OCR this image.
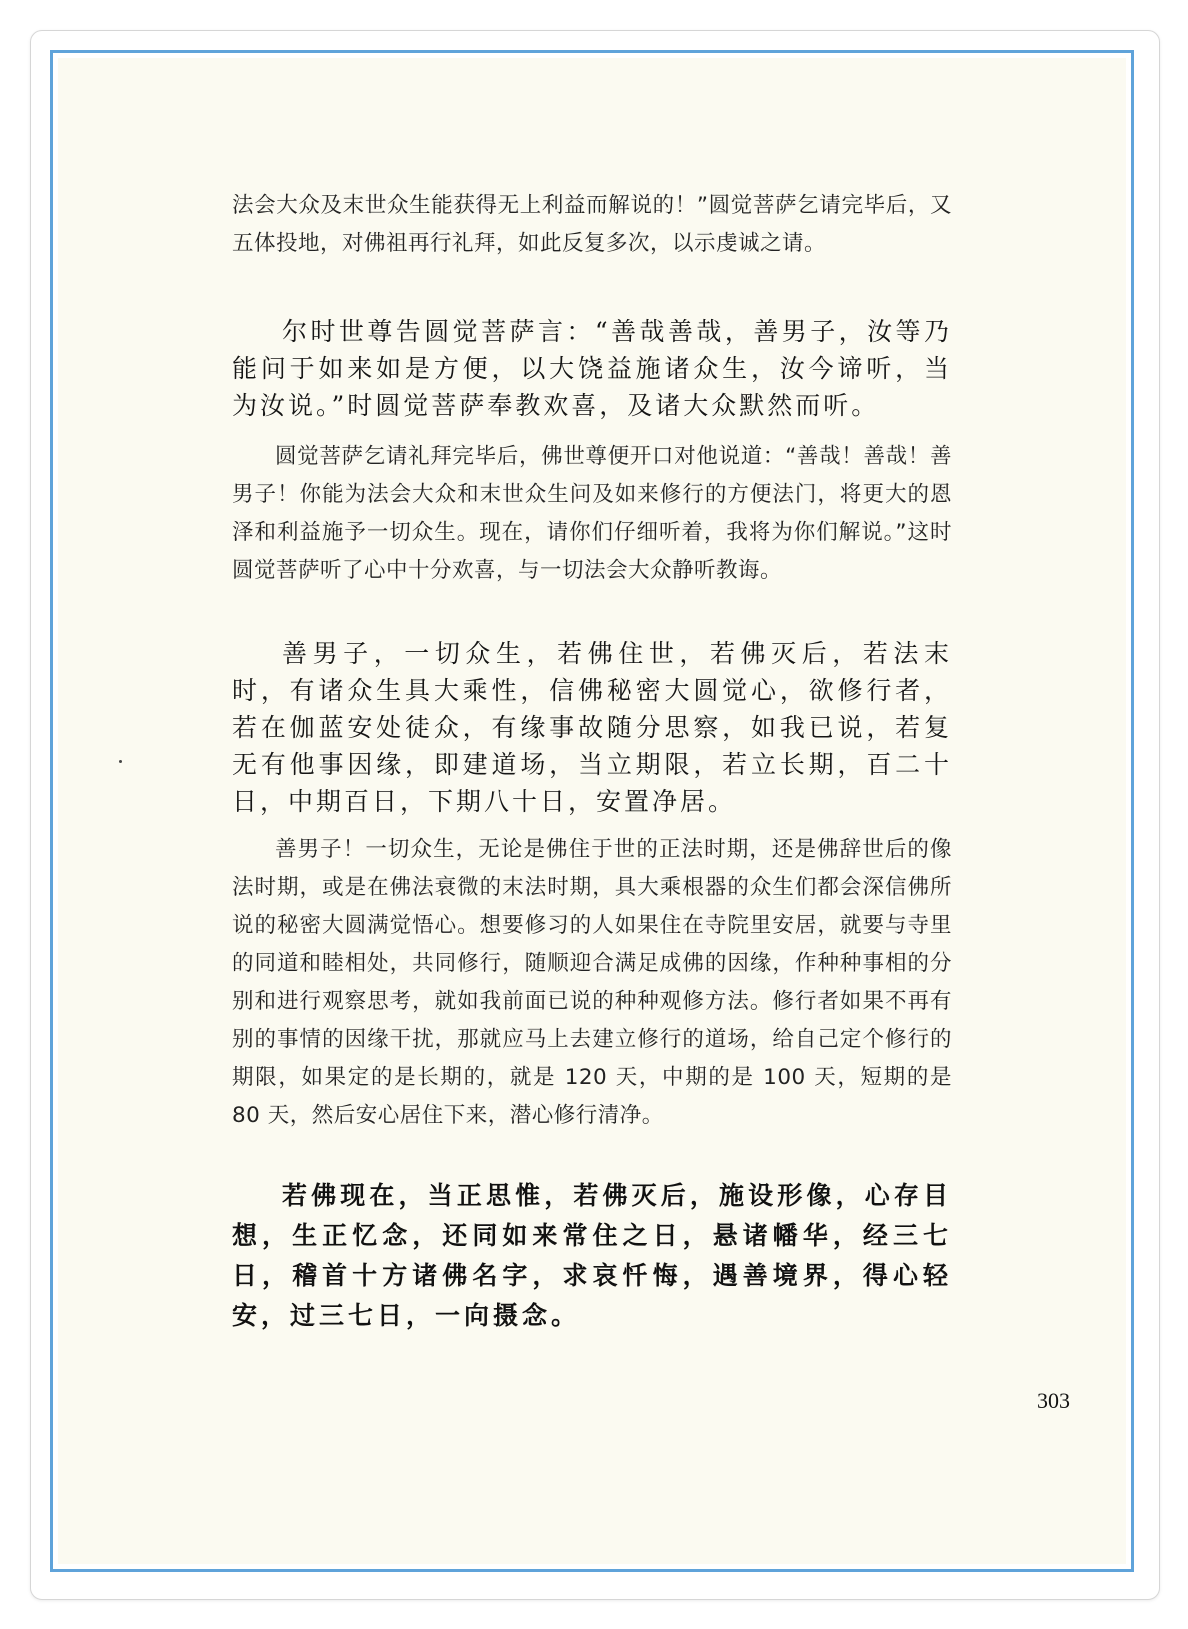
法会大众及末世众生能获得无上利益而解说的！”圆觉菩萨乞请完毕后，又五体投地，对佛祖再行礼拜，如此反复多次，以示虔诚之请。

尔时世尊告圆觉菩萨言：“善哉善哉，善男子，汝等乃能问于如来如是方便，以大饶益施诸众生，汝今谛听，当为汝说。”时圆觉菩萨奉教欢喜，及诸大众默然而听。

圆觉菩萨乞请礼拜完毕后，佛世尊便开口对他说道：“善哉！善哉！善男子！你能为法会大众和末世众生问及如来修行的方便法门，将更大的恩泽和利益施予一切众生。现在，请你们仔细听着，我将为你们解说。”这时圆觉菩萨听了心中十分欢喜，与一切法会大众静听教诲。

善男子，一切众生，若佛住世，若佛灭后，若法末时，有诸众生具大乘性，信佛秘密大圆觉心，欲修行者，若在伽蓝安处徒众，有缘事故随分思察，如我已说，若复无有他事因缘，即建道场，当立期限，若立长期，百二十日，中期百日，下期八十日，安置净居。

善男子！一切众生，无论是佛住于世的正法时期，还是佛辞世后的像法时期，或是在佛法衰微的末法时期，具大乘根器的众生们都会深信佛所说的秘密大圆满觉悟心。想要修习的人如果住在寺院里安居，就要与寺里的同道和睦相处，共同修行，随顺迎合满足成佛的因缘，作种种事相的分别和进行观察思考，就如我前面已说的种种观修方法。修行者如果不再有别的事情的因缘干扰，那就应马上去建立修行的道场，给自己定个修行的期限，如果定的是长期的，就是 120 天，中期的是 100 天，短期的是 80 天，然后安心居住下来，潜心修行清净。

若佛现在，当正思惟，若佛灭后，施设形像，心存目想，生正忆念，还同如来常住之日，悬诸幡华，经三七日，稽首十方诸佛名字，求哀忏悔，遇善境界，得心轻安，过三七日，一向摄念。

303
